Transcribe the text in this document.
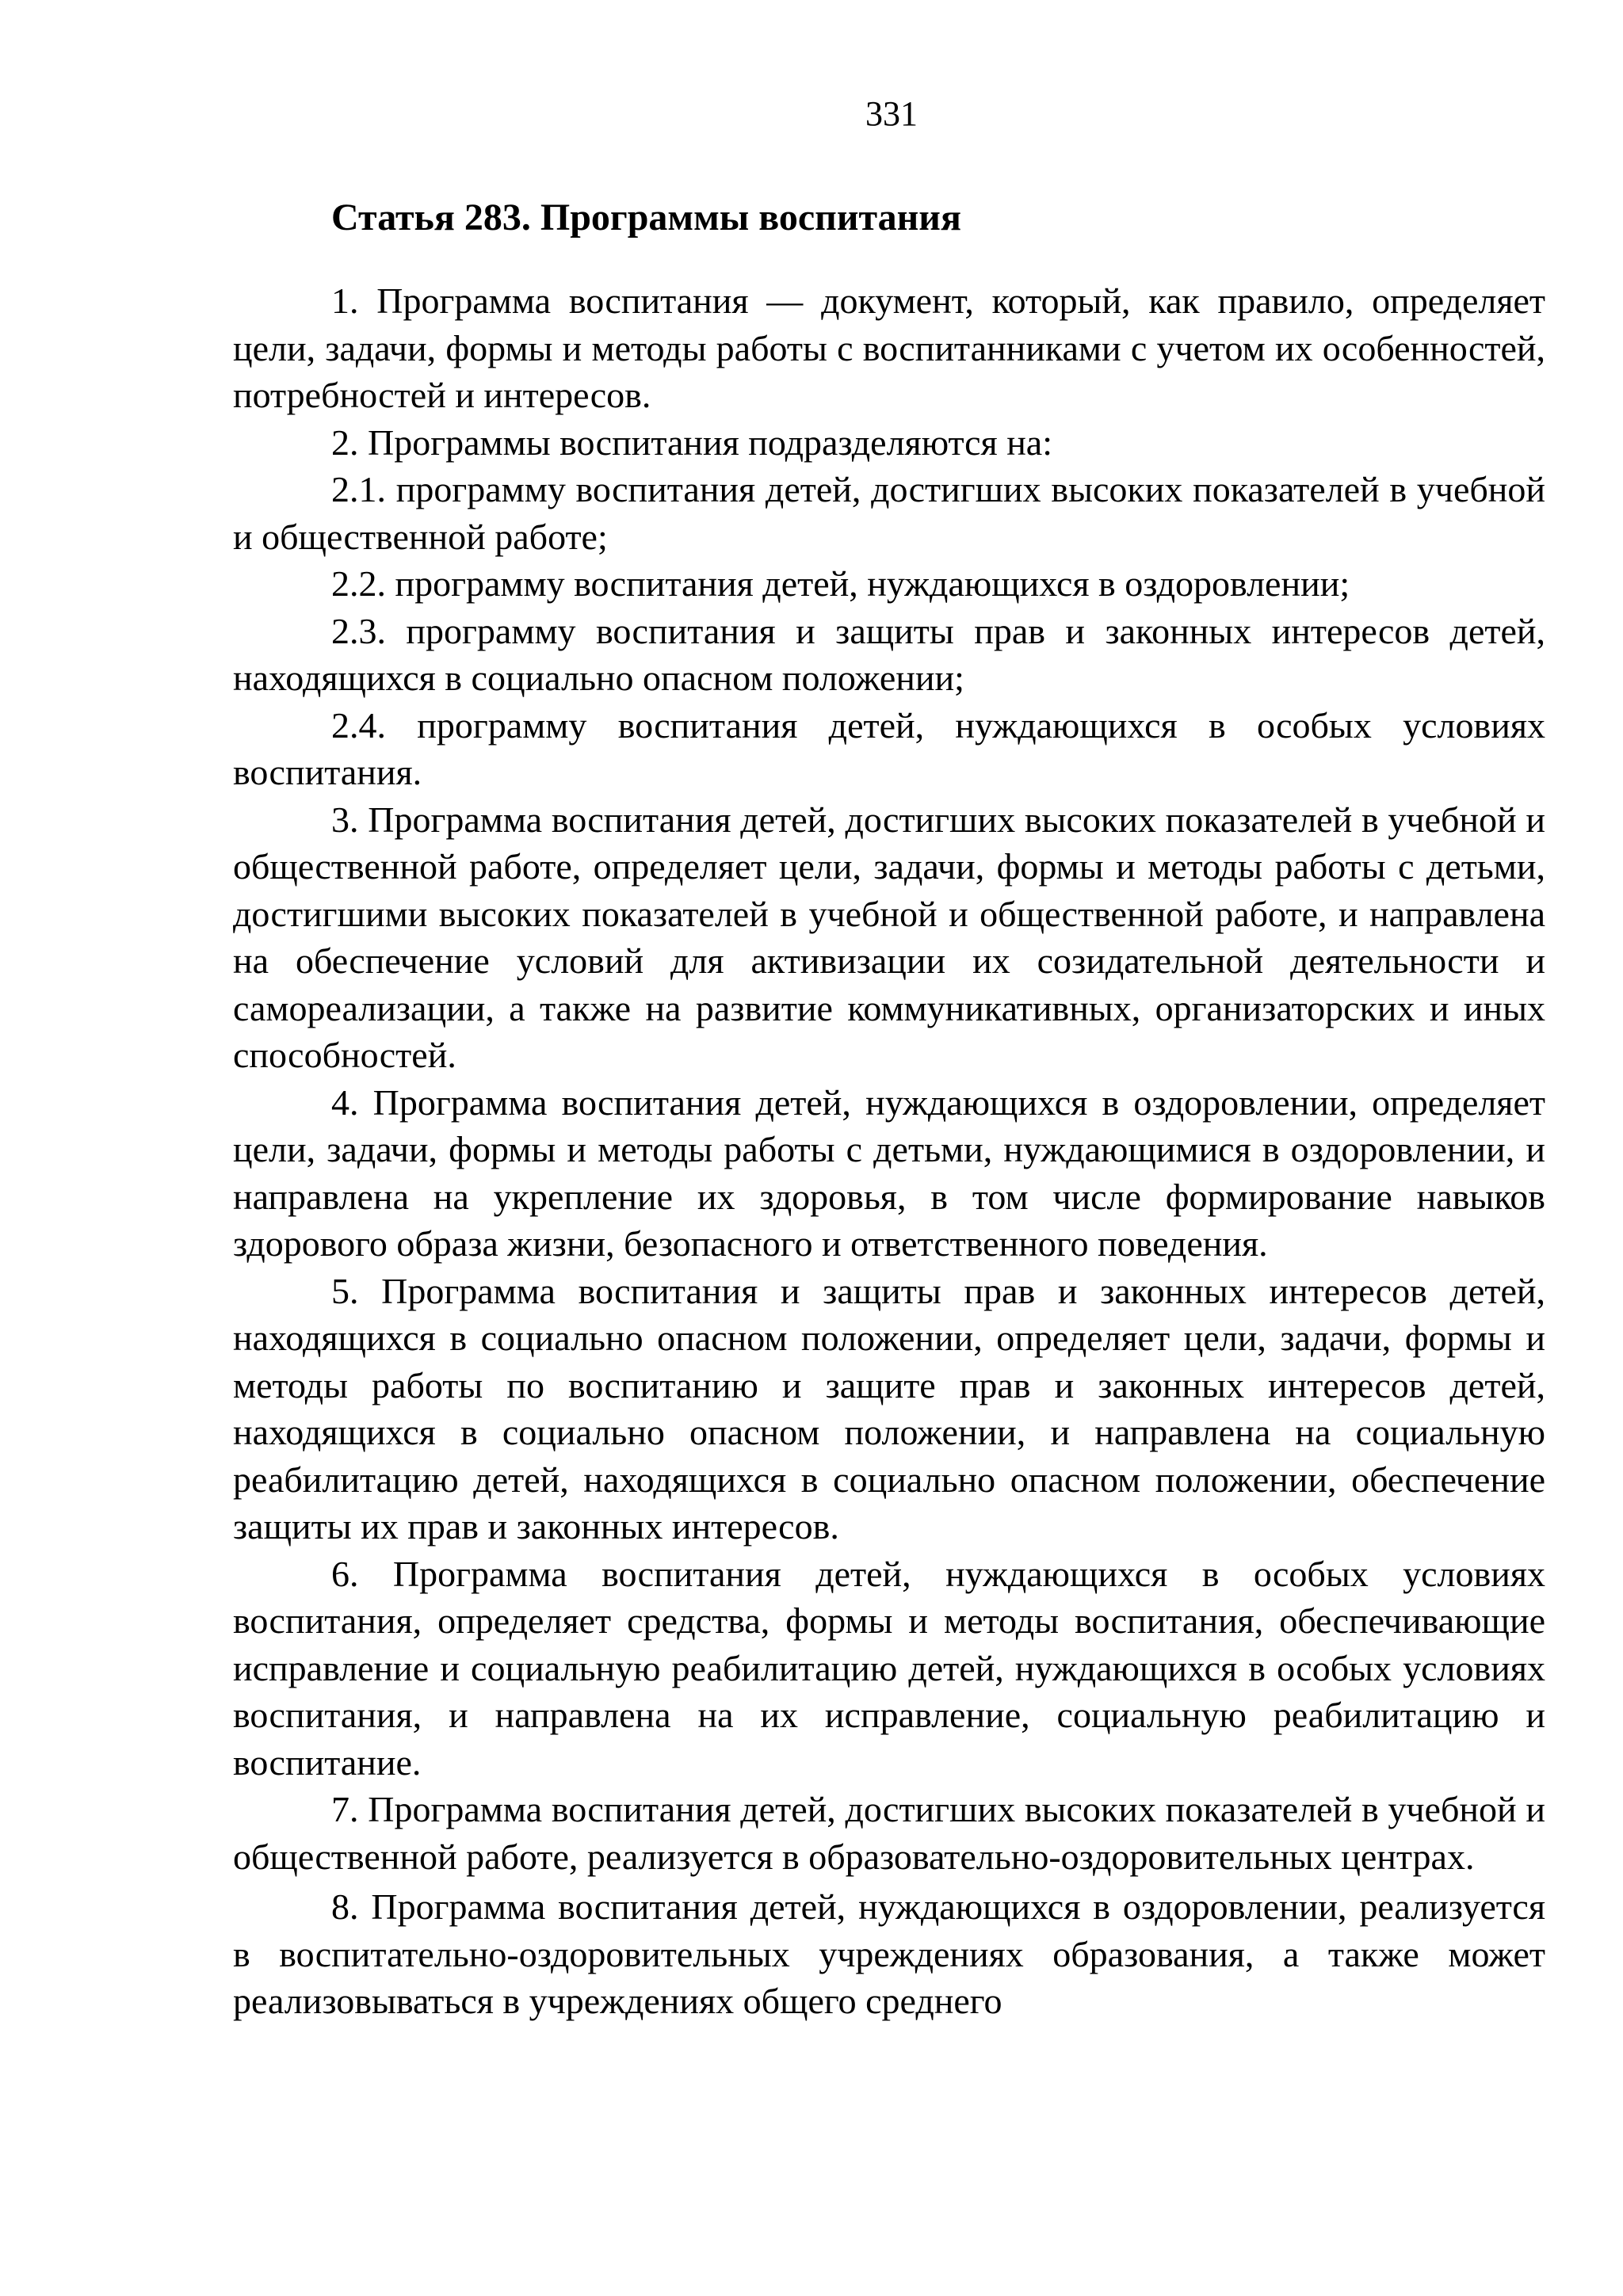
331
Статья 283. Программы воспитания

1. Программа воспитания — документ, который, как правило, определяет цели, задачи, формы и методы работы с воспитанниками с учетом их особенностей, потребностей и интересов.

2. Программы воспитания подразделяются на:

2.1. программу воспитания детей, достигших высоких показателей в учебной и общественной работе;

2.2. программу воспитания детей, нуждающихся в оздоровлении;

2.3. программу воспитания и защиты прав и законных интересов детей, находящихся в социально опасном положении;

2.4. программу воспитания детей, нуждающихся в особых условиях воспитания.

3. Программа воспитания детей, достигших высоких показателей в учебной и общественной работе, определяет цели, задачи, формы и методы работы с детьми, достигшими высоких показателей в учебной и общественной работе, и направлена на обеспечение условий для активизации их созидательной деятельности и самореализации, а также на развитие коммуникативных, организаторских и иных способностей.

4. Программа воспитания детей, нуждающихся в оздоровлении, определяет цели, задачи, формы и методы работы с детьми, нуждающимися в оздоровлении, и направлена на укрепление их здоровья, в том числе формирование навыков здорового образа жизни, безопасного и ответственного поведения.

5. Программа воспитания и защиты прав и законных интересов детей, находящихся в социально опасном положении, определяет цели, задачи, формы и методы работы по воспитанию и защите прав и законных интересов детей, находящихся в социально опасном положении, и направлена на социальную реабилитацию детей, находящихся в социально опасном положении, обеспечение защиты их прав и законных интересов.

6. Программа воспитания детей, нуждающихся в особых условиях воспитания, определяет средства, формы и методы воспитания, обеспечивающие исправление и социальную реабилитацию детей, нуждающихся в особых условиях воспитания, и направлена на их исправление, социальную реабилитацию и воспитание.

7. Программа воспитания детей, достигших высоких показателей в учебной и общественной работе, реализуется в образовательно-оздоровительных центрах.

8. Программа воспитания детей, нуждающихся в оздоровлении, реализуется в воспитательно-оздоровительных учреждениях образования, а также может реализовываться в учреждениях общего среднего
